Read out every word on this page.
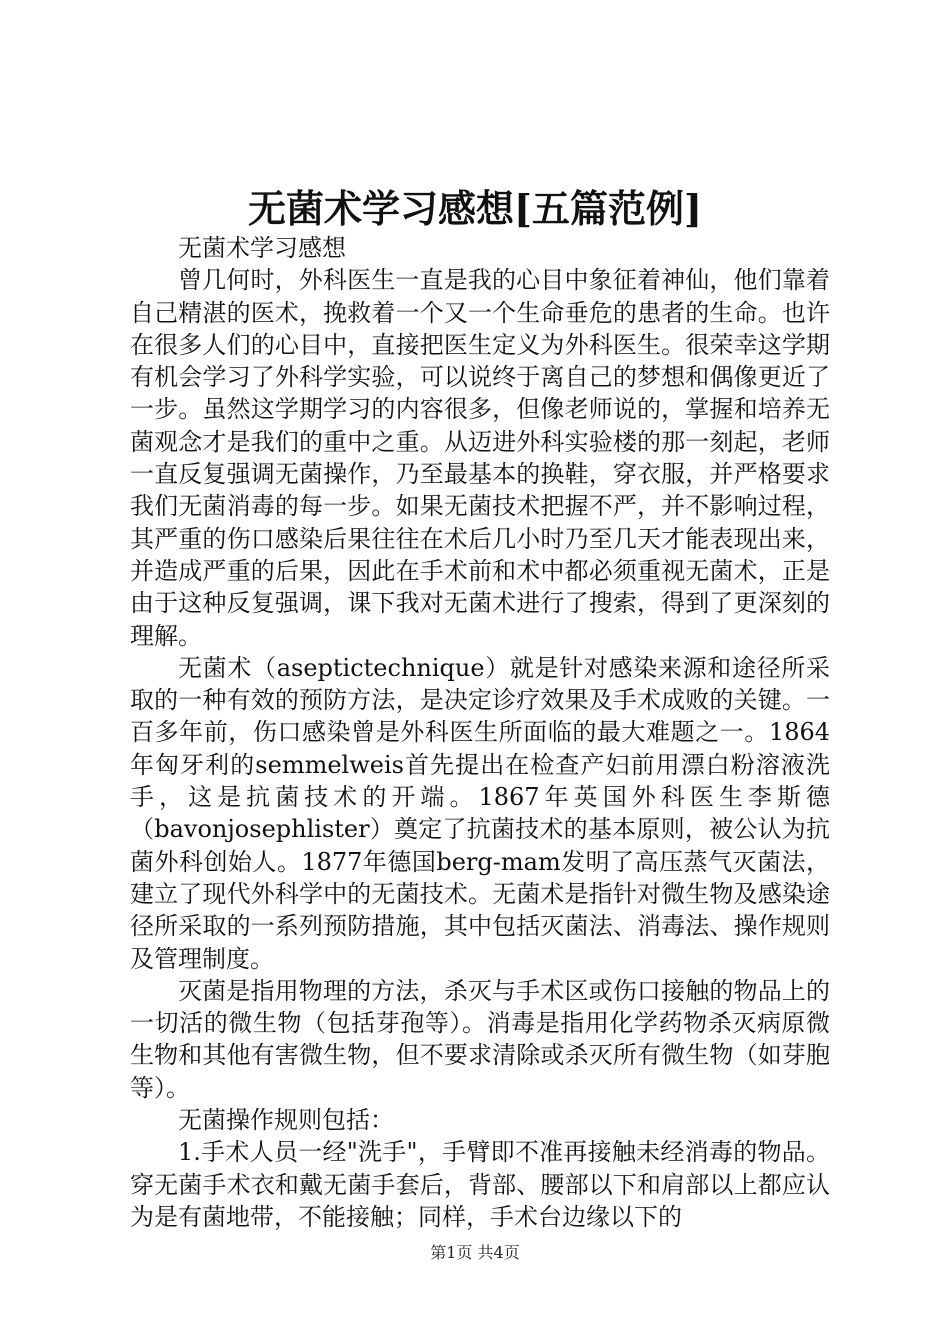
无菌术学习感想[五篇范例]

无菌术学习感想

曾几何时，外科医生一直是我的心目中象征着神仙，他们靠着自己精湛的医术，挽救着一个又一个生命垂危的患者的生命。也许在很多人们的心目中，直接把医生定义为外科医生。很荣幸这学期有机会学习了外科学实验，可以说终于离自己的梦想和偶像更近了一步。虽然这学期学习的内容很多，但像老师说的，掌握和培养无菌观念才是我们的重中之重。从迈进外科实验楼的那一刻起，老师一直反复强调无菌操作，乃至最基本的换鞋，穿衣服，并严格要求我们无菌消毒的每一步。如果无菌技术把握不严，并不影响过程，其严重的伤口感染后果往往在术后几小时乃至几天才能表现出来，并造成严重的后果，因此在手术前和术中都必须重视无菌术，正是由于这种反复强调，课下我对无菌术进行了搜索，得到了更深刻的理解。

无菌术（aseptictechnique）就是针对感染来源和途径所采取的一种有效的预防方法，是决定诊疗效果及手术成败的关键。一百多年前，伤口感染曾是外科医生所面临的最大难题之一。1864年匈牙利的semmelweis首先提出在检查产妇前用漂白粉溶液洗手，这是抗菌技术的开端。1867年英国外科医生李斯德（bavonjosephlister）奠定了抗菌技术的基本原则，被公认为抗菌外科创始人。1877年德国berg-mam发明了高压蒸气灭菌法，建立了现代外科学中的无菌技术。无菌术是指针对微生物及感染途径所采取的一系列预防措施，其中包括灭菌法、消毒法、操作规则及管理制度。

灭菌是指用物理的方法，杀灭与手术区或伤口接触的物品上的一切活的微生物（包括芽孢等）。消毒是指用化学药物杀灭病原微生物和其他有害微生物，但不要求清除或杀灭所有微生物（如芽胞等）。

无菌操作规则包括：

1.手术人员一经"洗手"，手臂即不准再接触未经消毒的物品。穿无菌手术衣和戴无菌手套后，背部、腰部以下和肩部以上都应认为是有菌地带，不能接触；同样，手术台边缘以下的

第1页 共4页
